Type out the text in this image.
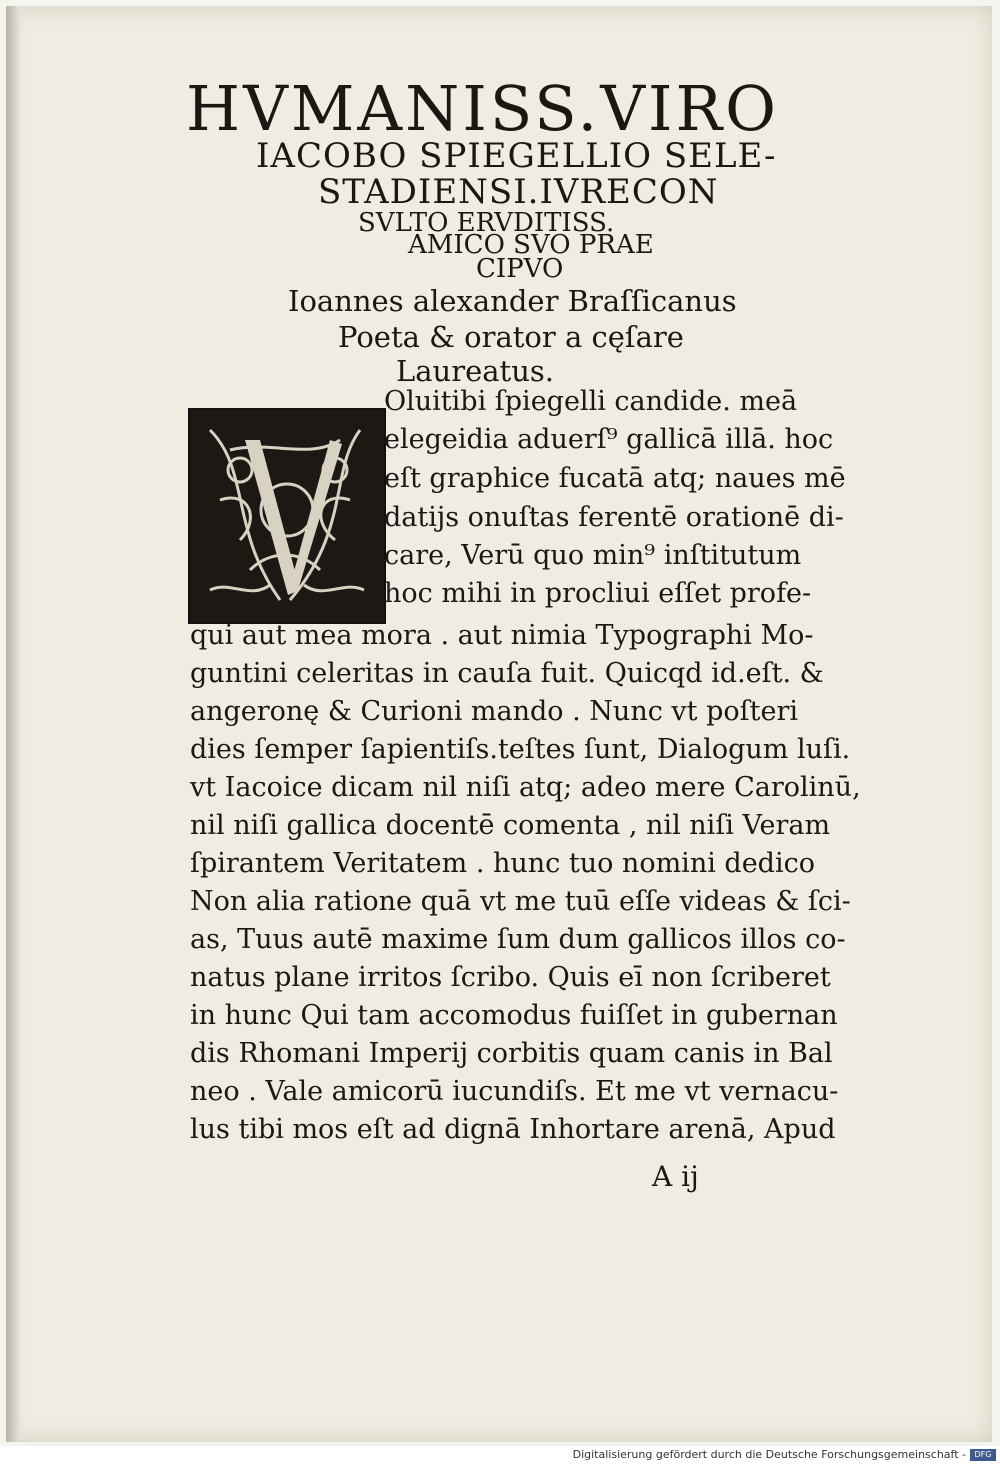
HVMANISS.VIRO
IACOBO SPIEGELLIO SELE-
STADIENSI.IVRECON
SVLTO ERVDITISS.
AMICO SVO PRAE
CIPVO
Ioannes alexander Braſſicanus
Poeta & orator a cęſare
Laureatus.
Oluitibi ſpiegelli candide. meā
elegeidia aduerſ⁹ gallicā illā. hoc
eſt graphice fucatā atq; naues mē
datijs onuſtas ferentē orationē di-
care, Verū quo min⁹ inſtitutum
hoc mihi in procliui eſſet profe-
qui aut mea mora . aut nimia Typographi Mo-
guntini celeritas in cauſa fuit. Quicqd id.eſt. &
angeronę & Curioni mando . Nunc vt poſteri
dies ſemper ſapientiſs.teſtes ſunt, Dialogum luſi.
vt Iacoice dicam nil niſi atq; adeo mere Carolinū,
nil niſi gallica docentē comenta , nil niſi Veram
ſpirantem Veritatem . hunc tuo nomini dedico
Non alia ratione quā vt me tuū eſſe videas & ſci-
as, Tuus autē maxime ſum dum gallicos illos co-
natus plane irritos ſcribo. Quis eī non ſcriberet
in hunc Qui tam accomodus fuiſſet in gubernan
dis Rhomani Imperij corbitis quam canis in Bal
neo . Vale amicorū iucundiſs. Et me vt vernacu-
lus tibi mos eſt ad dignā Inhortare arenā, Apud
A ij
Digitalisierung gefördert durch die Deutsche Forschungsgemeinschaft -	DFG
